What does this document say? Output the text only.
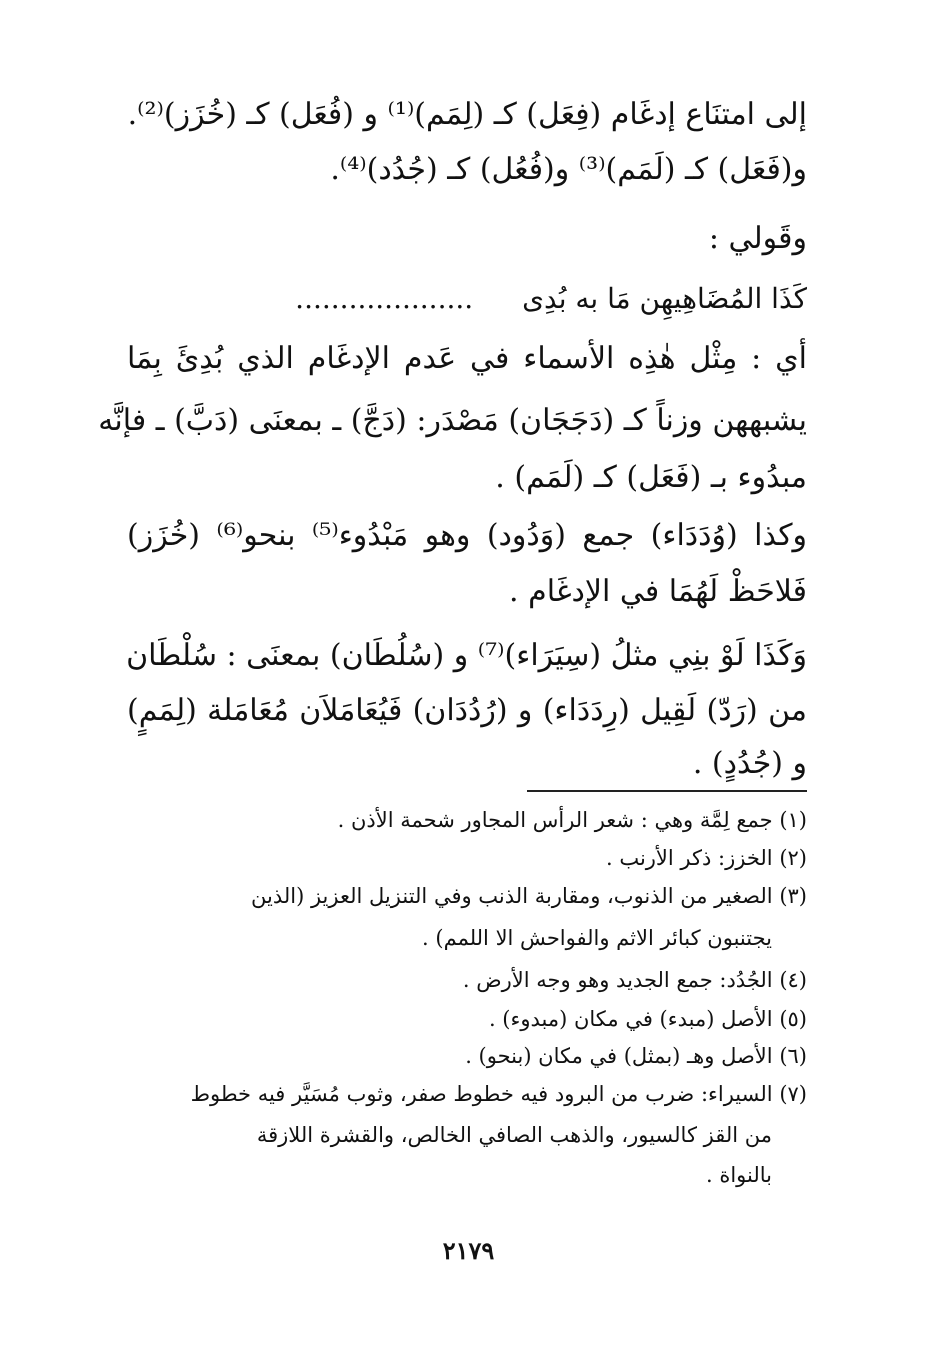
إلى امتنَاع إدغَام (فِعَل) كـ (لِمَم)⁽¹⁾ و (فُعَل) كـ (خُزَز)⁽²⁾.
و(فَعَل) كـ (لَمَم)⁽³⁾ و(فُعُل) كـ (جُدُد)⁽⁴⁾.
وقَولي :
كَذَا المُضَاهِيهِن مَا به بُدِى ....................
أي : مِثْل هٰذِه الأسماء في عَدم الإدغَام الذي بُدِئَ بِمَا
يشبههن وزناً كـ (دَجَجَان) مَصْدَر: (دَجَّ) ـ بمعنَى (دَبَّ) ـ فإنَّه
مبدُوء بـ (فَعَل) كـ (لَمَم) .
وكذا (وُدَدَاء) جمع (وَدُود) وهو مَبْدُوء⁽⁵⁾ بنحو⁽⁶⁾ (خُزَز)
فَلاحَظْ لَهُمَا في الإدغَام .
وَكَذَا لَوْ بنِي مثلُ (سِيَرَاء)⁽⁷⁾ و (سُلُطَان) بمعنَى : سُلْطَان
من (رَدّ) لَقِيل (رِدَدَاء) و (رُدُدَان) فَيُعَامَلاَن مُعَامَلة (لِمَمٍ)
و (جُدُدٍ) .
(١) جمع لِمَّة وهي : شعر الرأس المجاور شحمة الأذن .
(٢) الخزز: ذكر الأرنب .
(٣) الصغير من الذنوب، ومقاربة الذنب وفي التنزيل العزيز (الذين
يجتنبون كبائر الاثم والفواحش الا اللمم) .
(٤) الجُدُد: جمع الجديد وهو وجه الأرض .
(٥) الأصل (مبدء) في مكان (مبدوء) .
(٦) الأصل وهـ (بمثل) في مكان (بنحو) .
(٧) السيراء: ضرب من البرود فيه خطوط صفر، وثوب مُسَيَّر فيه خطوط
من القز كالسيور، والذهب الصافي الخالص، والقشرة اللازقة
بالنواة .
٢١٧٩
